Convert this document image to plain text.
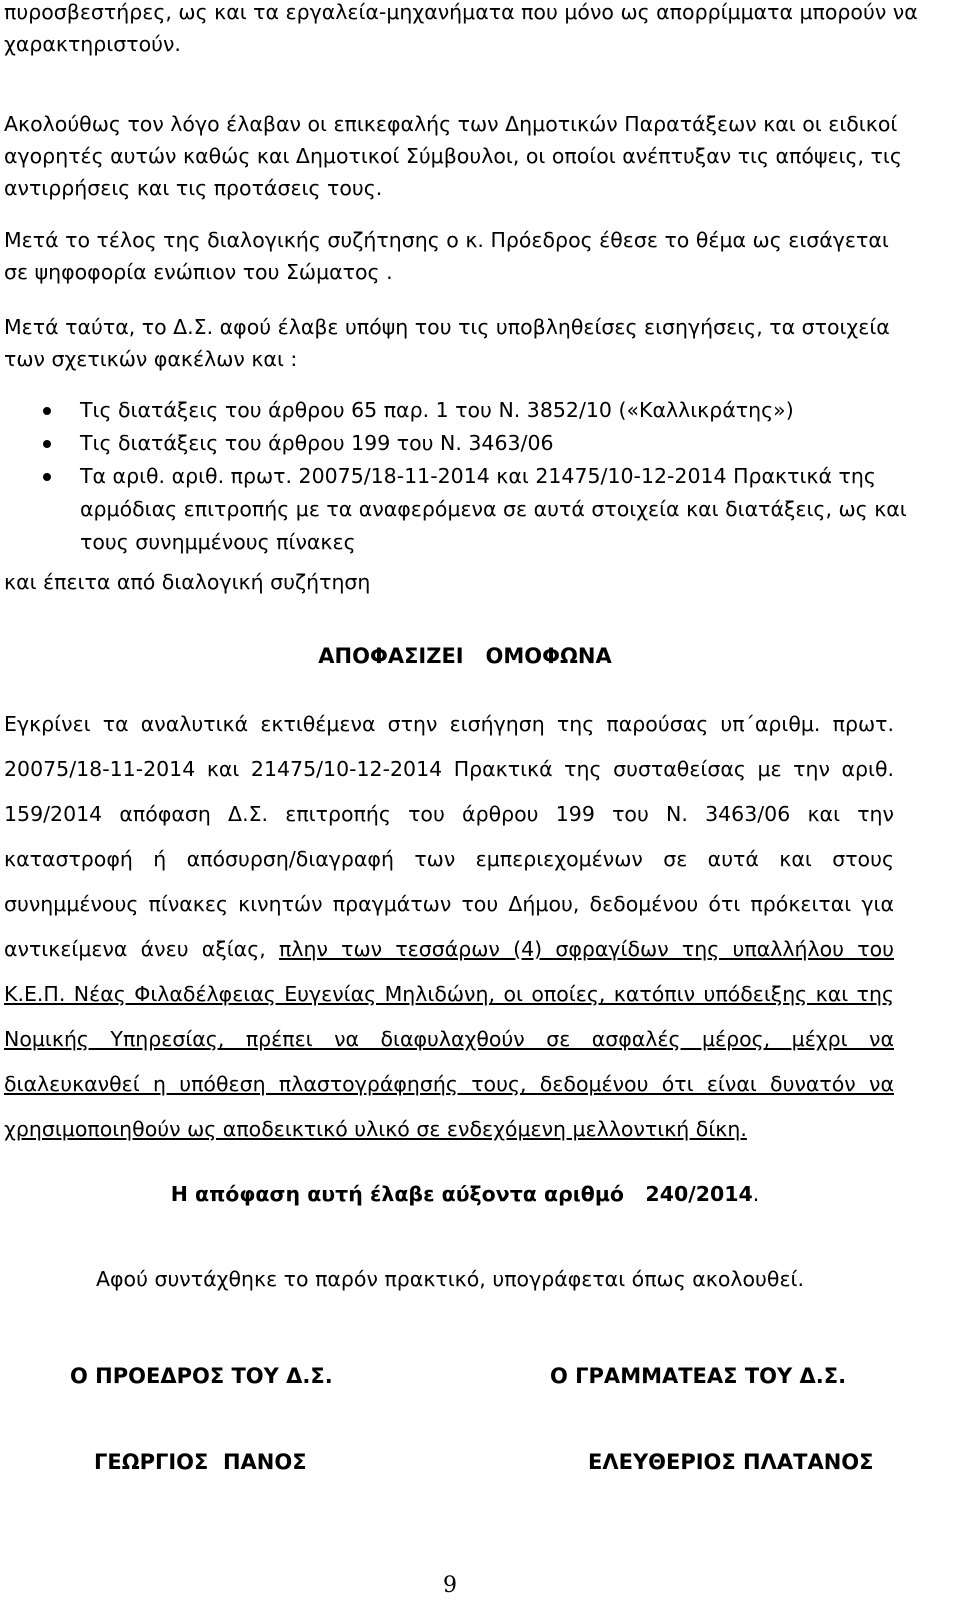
πυροσβεστήρες, ως και τα εργαλεία-μηχανήματα που μόνο ως απορρίμματα μπορούν να
χαρακτηριστούν.
Ακολούθως τον λόγο έλαβαν οι επικεφαλής των Δημοτικών Παρατάξεων και οι ειδικοί
αγορητές αυτών καθώς και Δημοτικοί Σύμβουλοι, οι οποίοι ανέπτυξαν τις απόψεις, τις
αντιρρήσεις και τις προτάσεις τους.
Μετά το τέλος της διαλογικής συζήτησης ο κ. Πρόεδρος έθεσε το θέμα ως εισάγεται
σε ψηφοφορία ενώπιον του Σώματος .
Μετά ταύτα, το Δ.Σ. αφού έλαβε υπόψη του τις υποβληθείσες εισηγήσεις, τα στοιχεία
των σχετικών φακέλων και :
Τις διατάξεις του άρθρου 65 παρ. 1 του Ν. 3852/10 («Καλλικράτης»)
Τις διατάξεις του άρθρου 199 του Ν. 3463/06
Τα αριθ. αριθ. πρωτ. 20075/18-11-2014 και 21475/10-12-2014 Πρακτικά της
αρμόδιας επιτροπής με τα αναφερόμενα σε αυτά στοιχεία και διατάξεις, ως και
τους συνημμένους πίνακες
και έπειτα από διαλογική συζήτηση
ΑΠΟΦΑΣΙΖΕΙ   ΟΜΟΦΩΝΑ
Εγκρίνει τα αναλυτικά εκτιθέμενα στην εισήγηση της παρούσας υπ΄αριθμ. πρωτ.
20075/18-11-2014 και 21475/10-12-2014 Πρακτικά της συσταθείσας με την αριθ.
159/2014 απόφαση Δ.Σ. επιτροπής του άρθρου 199 του Ν. 3463/06 και την
καταστροφή ή απόσυρση/διαγραφή των εμπεριεχομένων σε αυτά και στους
συνημμένους πίνακες κινητών πραγμάτων του Δήμου, δεδομένου ότι πρόκειται για
αντικείμενα άνευ αξίας, πλην των τεσσάρων (4) σφραγίδων της υπαλλήλου του
Κ.Ε.Π. Νέας Φιλαδέλφειας Ευγενίας Μηλιδώνη, οι οποίες, κατόπιν υπόδειξης και της
Νομικής Υπηρεσίας, πρέπει να διαφυλαχθούν σε ασφαλές μέρος, μέχρι να
διαλευκανθεί η υπόθεση πλαστογράφησής τους, δεδομένου ότι είναι δυνατόν να
χρησιμοποιηθούν ως αποδεικτικό υλικό σε ενδεχόμενη μελλοντική δίκη.
Η απόφαση αυτή έλαβε αύξοντα αριθμό   240/2014.
Αφού συντάχθηκε το παρόν πρακτικό, υπογράφεται όπως ακολουθεί.
Ο ΠΡΟΕΔΡΟΣ ΤΟΥ Δ.Σ.	Ο ΓΡΑΜΜΑΤΕΑΣ ΤΟΥ Δ.Σ.
ΓΕΩΡΓΙΟΣ  ΠΑΝΟΣ	ΕΛΕΥΘΕΡΙΟΣ ΠΛΑΤΑΝΟΣ
9
